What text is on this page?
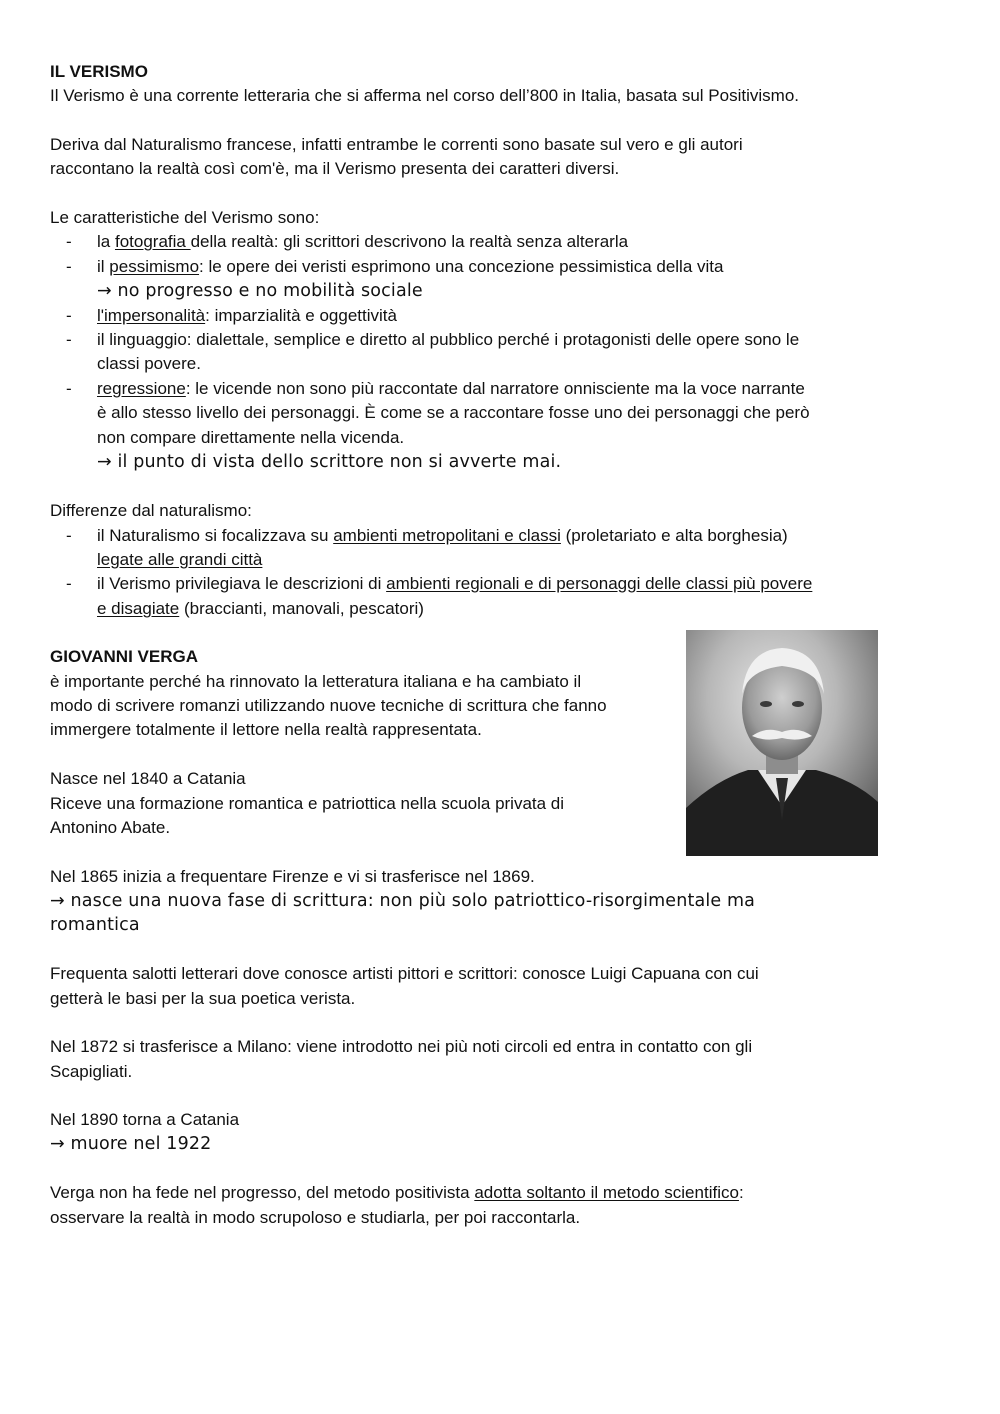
IL VERISMO
Il Verismo è una corrente letteraria che si afferma nel corso dell’800 in Italia, basata sul Positivismo.
Deriva dal Naturalismo francese, infatti entrambe le correnti sono basate sul vero e gli autori
raccontano la realtà così com'è, ma il Verismo presenta dei caratteri diversi.
Le caratteristiche del Verismo sono:
- la fotografia della realtà: gli scrittori descrivono la realtà senza alterarla
- il pessimismo: le opere dei veristi esprimono una concezione pessimistica della vita
→ no progresso e no mobilità sociale
- l'impersonalità: imparzialità e oggettività
- il linguaggio: dialettale, semplice e diretto al pubblico perché i protagonisti delle opere sono le
classi povere.
- regressione: le vicende non sono più raccontate dal narratore onnisciente ma la voce narrante
è allo stesso livello dei personaggi. È come se a raccontare fosse uno dei personaggi che però
non compare direttamente nella vicenda.
→ il punto di vista dello scrittore non si avverte mai.
Differenze dal naturalismo:
- il Naturalismo si focalizzava su ambienti metropolitani e classi (proletariato e alta borghesia)
legate alle grandi città
- il Verismo privilegiava le descrizioni di ambienti regionali e di personaggi delle classi più povere
e disagiate (braccianti, manovali, pescatori)
GIOVANNI VERGA
è importante perché ha rinnovato la letteratura italiana e ha cambiato il
modo di scrivere romanzi utilizzando nuove tecniche di scrittura che fanno
immergere totalmente il lettore nella realtà rappresentata.
Nasce nel 1840 a Catania
Riceve una formazione romantica e patriottica nella scuola privata di
Antonino Abate.
Nel 1865 inizia a frequentare Firenze e vi si trasferisce nel 1869.
→ nasce una nuova fase di scrittura: non più solo patriottico-risorgimentale ma
romantica
Frequenta salotti letterari dove conosce artisti pittori e scrittori: conosce Luigi Capuana con cui
getterà le basi per la sua poetica verista.
Nel 1872 si trasferisce a Milano: viene introdotto nei più noti circoli ed entra in contatto con gli
Scapigliati.
Nel 1890 torna a Catania
→ muore nel 1922
Verga non ha fede nel progresso, del metodo positivista adotta soltanto il metodo scientifico:
osservare la realtà in modo scrupoloso e studiarla, per poi raccontarla.
